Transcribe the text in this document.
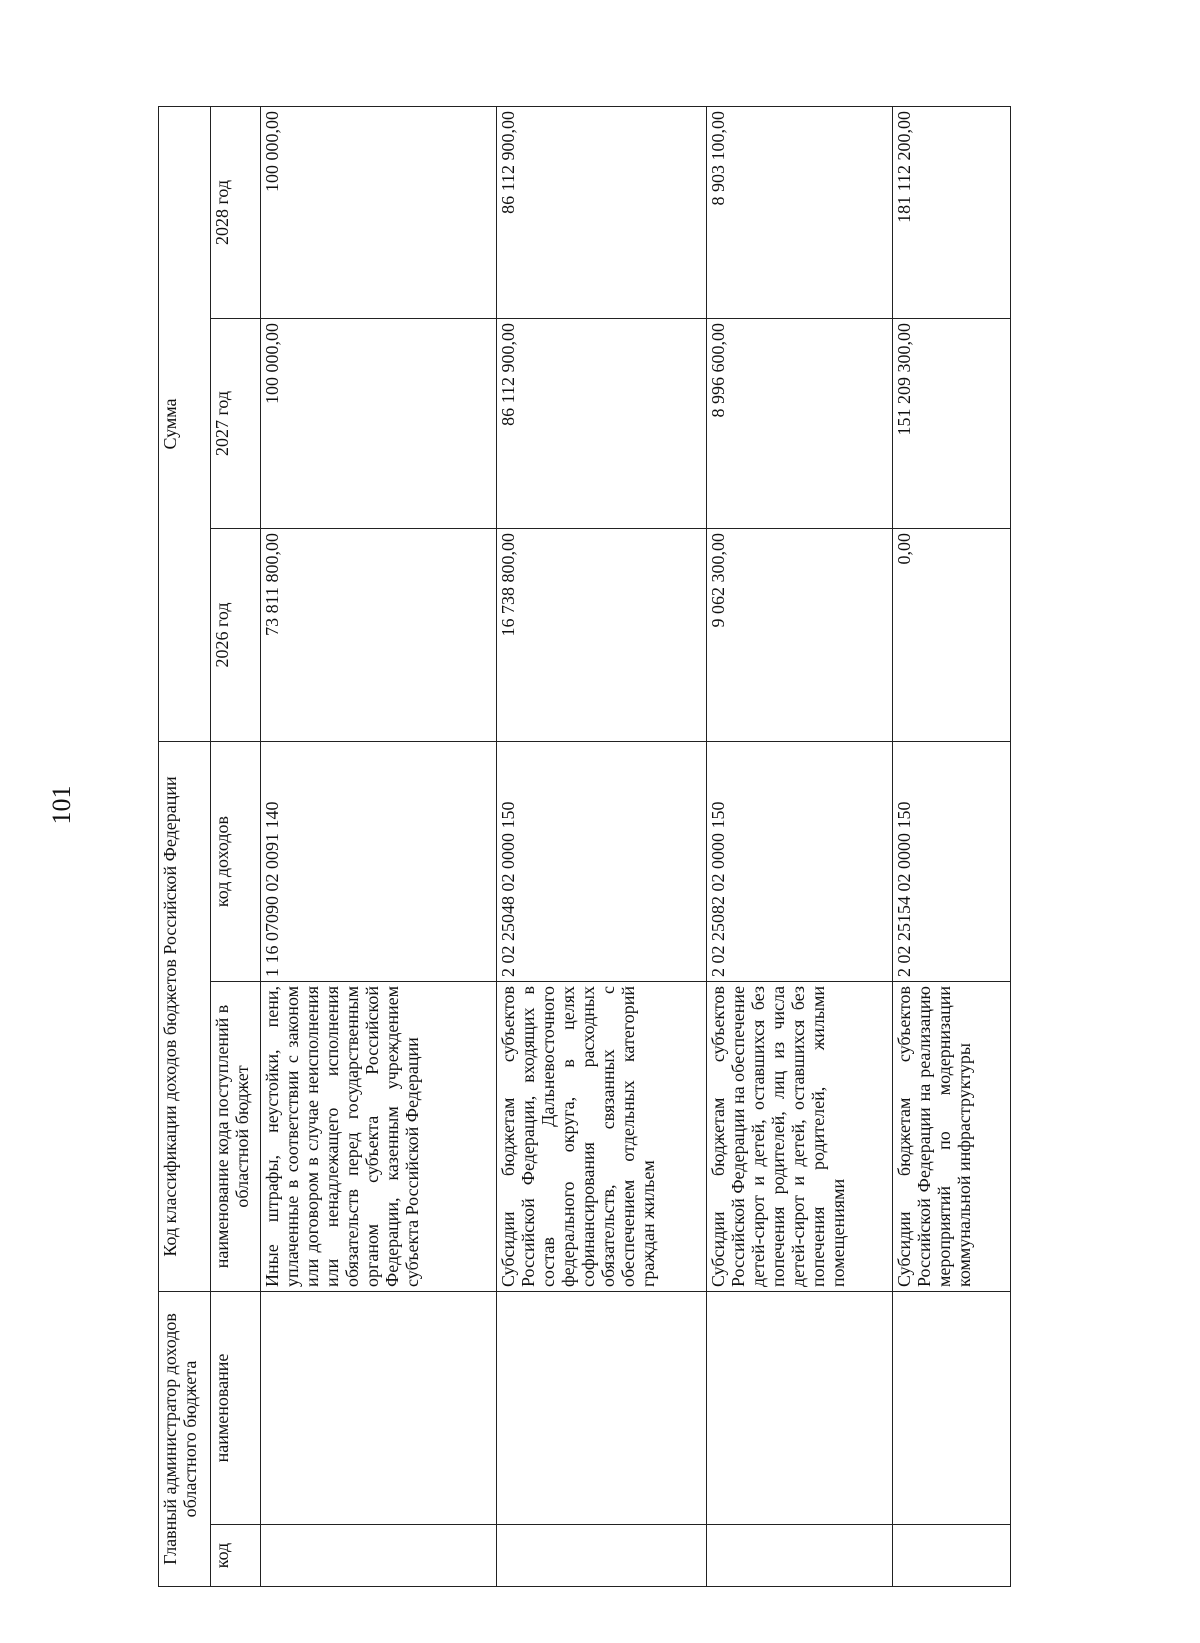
101
Главный администратор доходов областного бюджета		Код классификации доходов бюджетов Российской Федерации		Сумма		
код	наименование	наименование кода поступлений в областной бюджет	код доходов	2026 год	2027 год	2028 год
		Иные штрафы, неустойки, пени, уплаченные в соответствии с законом или договором в случае неисполнения или ненадлежащего исполнения обязательств перед государственным органом субъекта Российской Федерации, казенным учреждением субъекта Российской Федерации	1 16 07090 02 0091 140	73 811 800,00	100 000,00	100 000,00
		Субсидии бюджетам субъектов Российской Федерации, входящих в состав Дальневосточного федерального округа, в целях софинансирования расходных обязательств, связанных с обеспечением отдельных категорий граждан жильем	2 02 25048 02 0000 150	16 738 800,00	86 112 900,00	86 112 900,00
		Субсидии бюджетам субъектов Российской Федерации на обеспечение детей-сирот и детей, оставшихся без попечения родителей, лиц из числа детей-сирот и детей, оставшихся без попечения родителей, жилыми помещениями	2 02 25082 02 0000 150	9 062 300,00	8 996 600,00	8 903 100,00
		Субсидии бюджетам субъектов Российской Федерации на реализацию мероприятий по модернизации коммунальной инфраструктуры	2 02 25154 02 0000 150	0,00	151 209 300,00	181 112 200,00
